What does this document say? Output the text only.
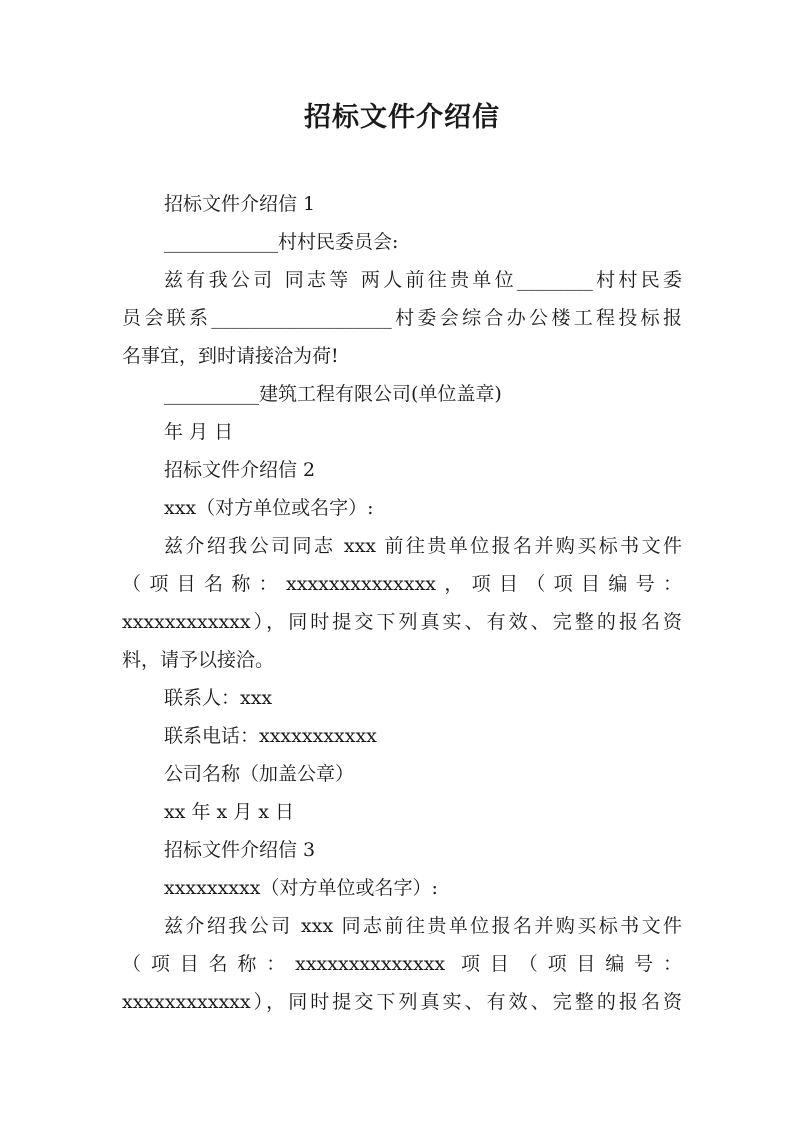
招标文件介绍信

招标文件介绍信 1

____________村村民委员会:

兹有我公司 同志等 两人前往贵单位________村村民委

员会联系___________________村委会综合办公楼工程投标报

名事宜，到时请接洽为荷!

__________建筑工程有限公司(单位盖章)

年 月 日

招标文件介绍信 2

xxx（对方单位或名字）:

兹介绍我公司同志 xxx 前往贵单位报名并购买标书文件

（项目名称：xxxxxxxxxxxxxx，项目（项目编号：

xxxxxxxxxxxx），同时提交下列真实、有效、完整的报名资

料，请予以接洽。

联系人：xxx

联系电话：xxxxxxxxxxx

公司名称（加盖公章）

xx 年 x 月 x 日

招标文件介绍信 3

xxxxxxxxx（对方单位或名字）:

兹介绍我公司 xxx 同志前往贵单位报名并购买标书文件

（项目名称：xxxxxxxxxxxxxx 项目（项目编号：

xxxxxxxxxxxx），同时提交下列真实、有效、完整的报名资
